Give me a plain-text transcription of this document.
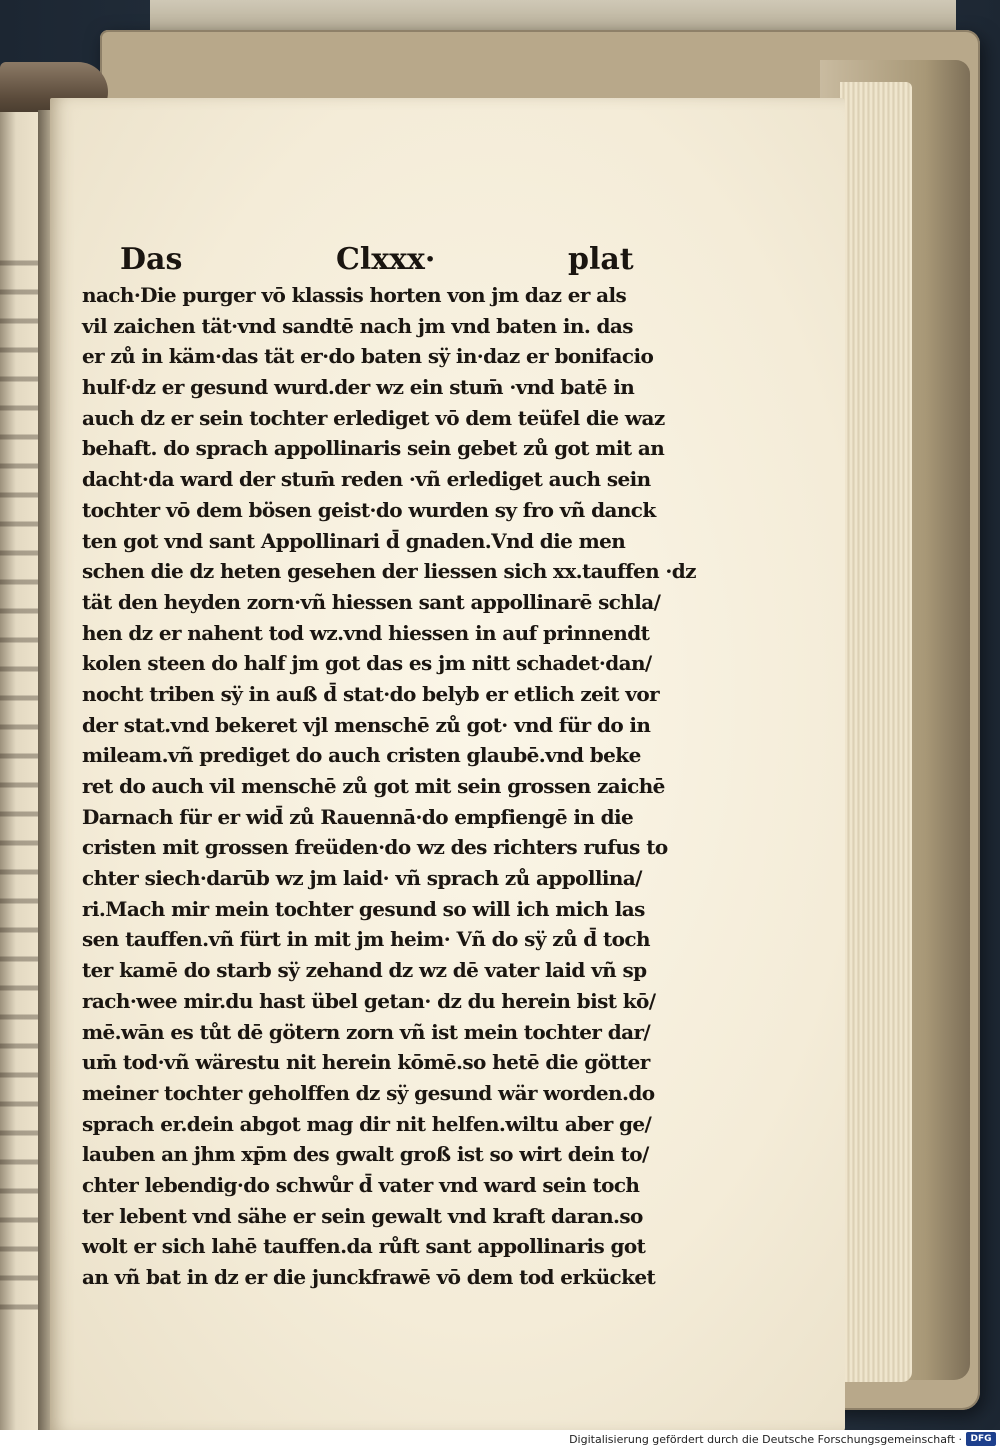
Das	Clxxx·	plat
nach·Die purger vō klassis horten von jm daz er als
vil zaichen tät·vnd sandtē nach jm vnd baten in. das
er zů in käm·das tät er·do baten sÿ in·daz er bonifacio
hulf·dz er gesund wurd.der wz ein stum̄ ·vnd batē in
auch dz er sein tochter erlediget vō dem teüfel die waz
behaft. do sprach appollinaris sein gebet zů got mit an
dacht·da ward der stum̄ reden ·vñ erlediget auch sein
tochter vō dem bösen geist·do wurden sy fro vñ danck
ten got vnd sant Appollinari d̄ gnaden.Vnd die men
schen die dz heten gesehen der liessen sich xx.tauffen ·dz
tät den heyden zorn·vñ hiessen sant appollinarē schla/
hen dz er nahent tod wz.vnd hiessen in auf prinnendt
kolen steen do half jm got das es jm nitt schadet·dan/
nocht triben sÿ in auß d̄ stat·do belyb er etlich zeit vor
der stat.vnd bekeret vjl menschē zů got· vnd für do in
mileam.vñ prediget do auch cristen glaubē.vnd beke
ret do auch vil menschē zů got mit sein grossen zaichē
Darnach für er wid̄ zů Rauennā·do empfiengē in die
cristen mit grossen freüden·do wz des richters rufus to
chter siech·darūb wz jm laid· vñ sprach zů appollina/
ri.Mach mir mein tochter gesund so will ich mich las
sen tauffen.vñ fürt in mit jm heim· Vñ do sÿ zů d̄ toch
ter kamē do starb sÿ zehand dz wz dē vater laid vñ sp
rach·wee mir.du hast übel getan· dz du herein bist kō/
mē.wān es tůt dē götern zorn vñ ist mein tochter dar/
um̄ tod·vñ wärestu nit herein kōmē.so hetē die götter
meiner tochter geholffen dz sÿ gesund wär worden.do
sprach er.dein abgot mag dir nit helfen.wiltu aber ge/
lauben an jhm xp̄m des gwalt groß ist so wirt dein to/
chter lebendig·do schwůr d̄ vater vnd ward sein toch
ter lebent vnd sähe er sein gewalt vnd kraft daran.so
wolt er sich lahē tauffen.da růft sant appollinaris got
an vñ bat in dz er die junckfrawē vō dem tod erkücket
Digitalisierung gefördert durch die Deutsche Forschungsgemeinschaft · DFG
